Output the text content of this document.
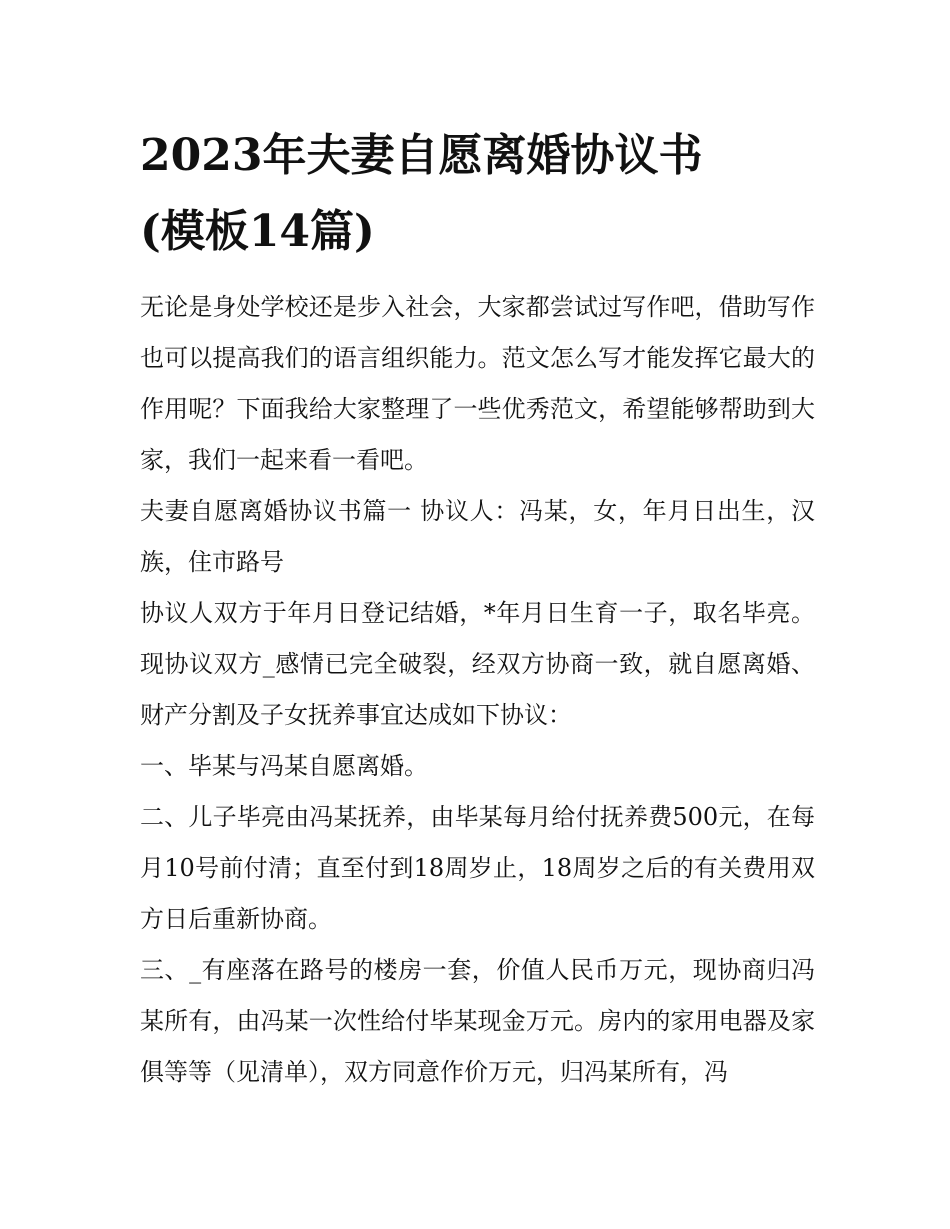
2023年夫妻自愿离婚协议书
(模板14篇)

无论是身处学校还是步入社会，大家都尝试过写作吧，借助写作也可以提高我们的语言组织能力。范文怎么写才能发挥它最大的作用呢？下面我给大家整理了一些优秀范文，希望能够帮助到大家，我们一起来看一看吧。

夫妻自愿离婚协议书篇一 协议人：冯某，女，年月日出生，汉族，住市路号

协议人双方于年月日登记结婚，*年月日生育一子，取名毕亮。现协议双方_感情已完全破裂，经双方协商一致，就自愿离婚、财产分割及子女抚养事宜达成如下协议：

一、毕某与冯某自愿离婚。

二、儿子毕亮由冯某抚养，由毕某每月给付抚养费500元，在每月10号前付清；直至付到18周岁止，18周岁之后的有关费用双方日后重新协商。

三、_有座落在路号的楼房一套，价值人民币万元，现协商归冯某所有，由冯某一次性给付毕某现金万元。房内的家用电器及家俱等等（见清单），双方同意作价万元，归冯某所有，冯
